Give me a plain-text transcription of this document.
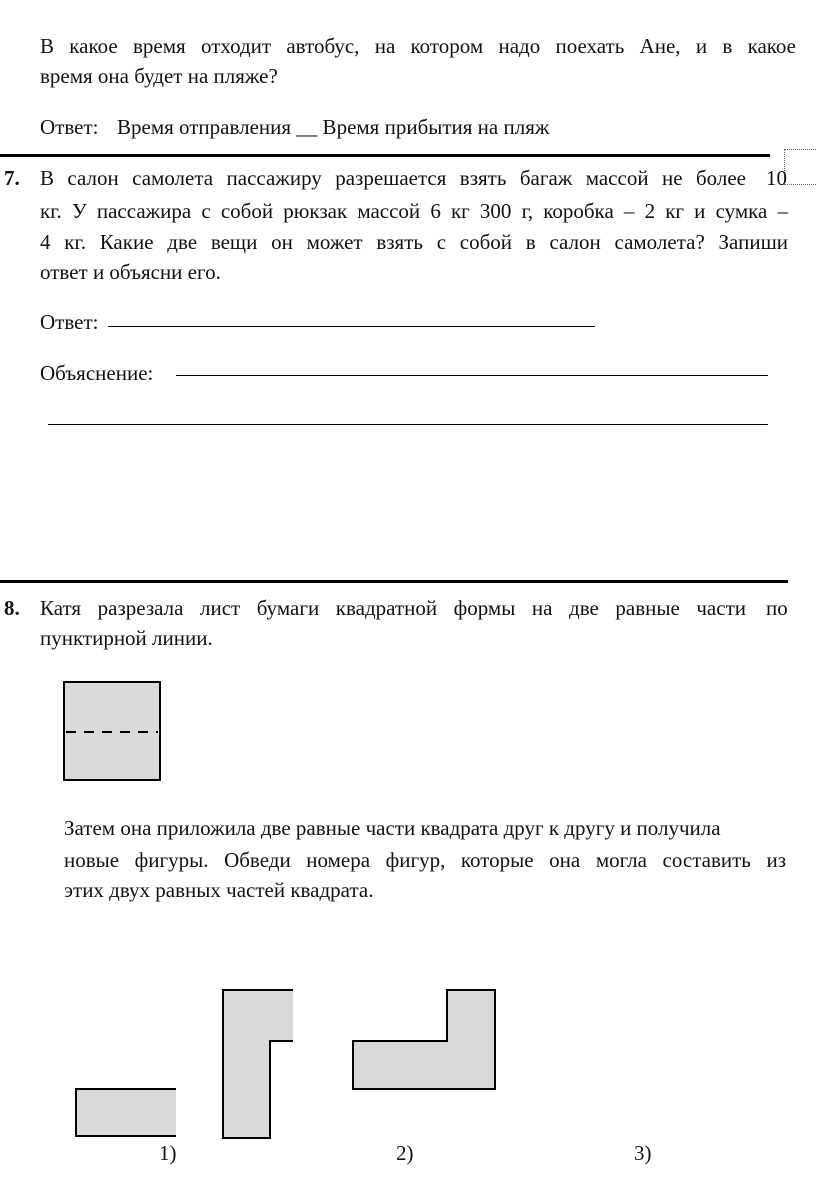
В какое время отходит автобус, на котором надо поехать Ане, и в какое
время она будет на пляже?
Ответ: Время отправления __ Время прибытия на пляж
7. В салон самолета пассажиру разрешается взять багаж массой не более 10
кг. У пассажира с собой рюкзак массой 6 кг 300 г, коробка – 2 кг и сумка –
4 кг. Какие две вещи он может взять с собой в салон самолета? Запиши
ответ и объясни его.
Ответ:
Объяснение:
8. Катя разрезала лист бумаги квадратной формы на две равные части по
пунктирной линии.
Затем она приложила две равные части квадрата друг к другу и получила
новые фигуры. Обведи номера фигур, которые она могла составить из
этих двух равных частей квадрата.
1)	2)	3)
